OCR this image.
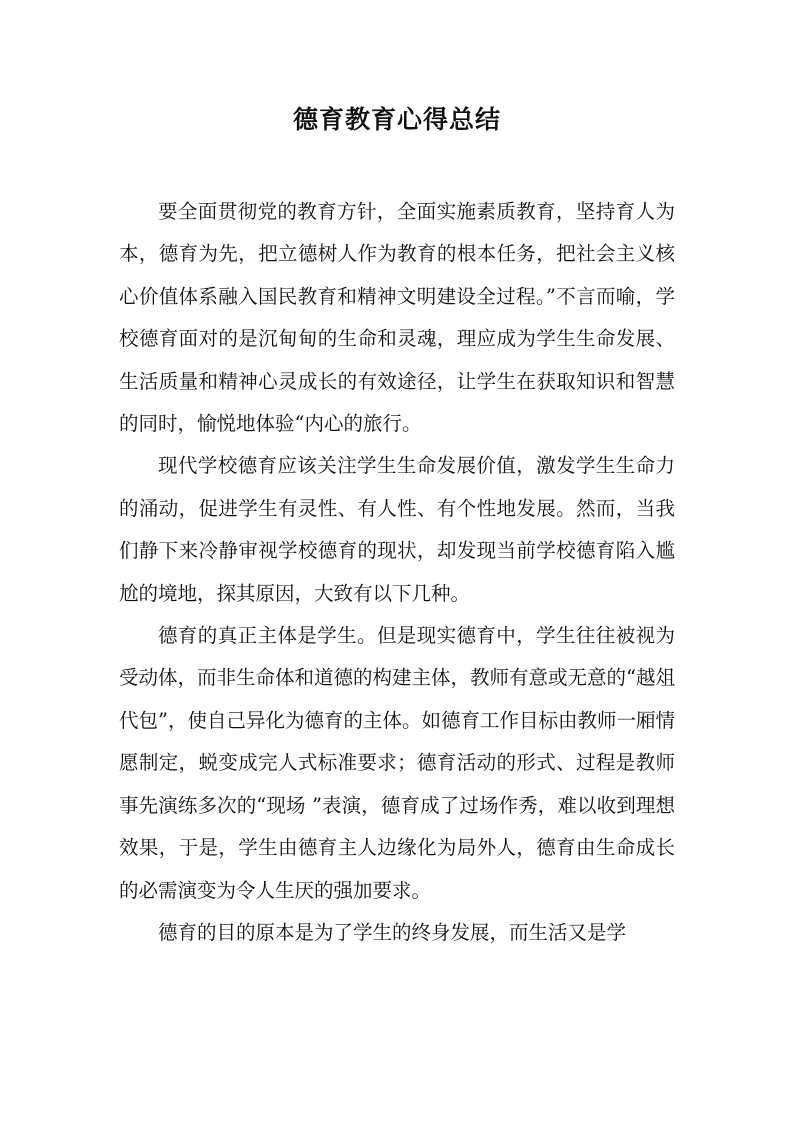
德育教育心得总结

要全面贯彻党的教育方针，全面实施素质教育，坚持育人为本，德育为先，把立德树人作为教育的根本任务，把社会主义核心价值体系融入国民教育和精神文明建设全过程。”不言而喻，学校德育面对的是沉甸甸的生命和灵魂，理应成为学生生命发展、生活质量和精神心灵成长的有效途径，让学生在获取知识和智慧的同时，愉悦地体验“内心的旅行。

现代学校德育应该关注学生生命发展价值，激发学生生命力的涌动，促进学生有灵性、有人性、有个性地发展。然而，当我们静下来冷静审视学校德育的现状，却发现当前学校德育陷入尴尬的境地，探其原因，大致有以下几种。

德育的真正主体是学生。但是现实德育中，学生往往被视为受动体，而非生命体和道德的构建主体，教师有意或无意的“越俎代包”，使自己异化为德育的主体。如德育工作目标由教师一厢情愿制定，蜕变成完人式标准要求；德育活动的形式、过程是教师事先演练多次的“现场 ”表演，德育成了过场作秀，难以收到理想效果，于是，学生由德育主人边缘化为局外人，德育由生命成长的必需演变为令人生厌的强加要求。

德育的目的原本是为了学生的终身发展，而生活又是学
